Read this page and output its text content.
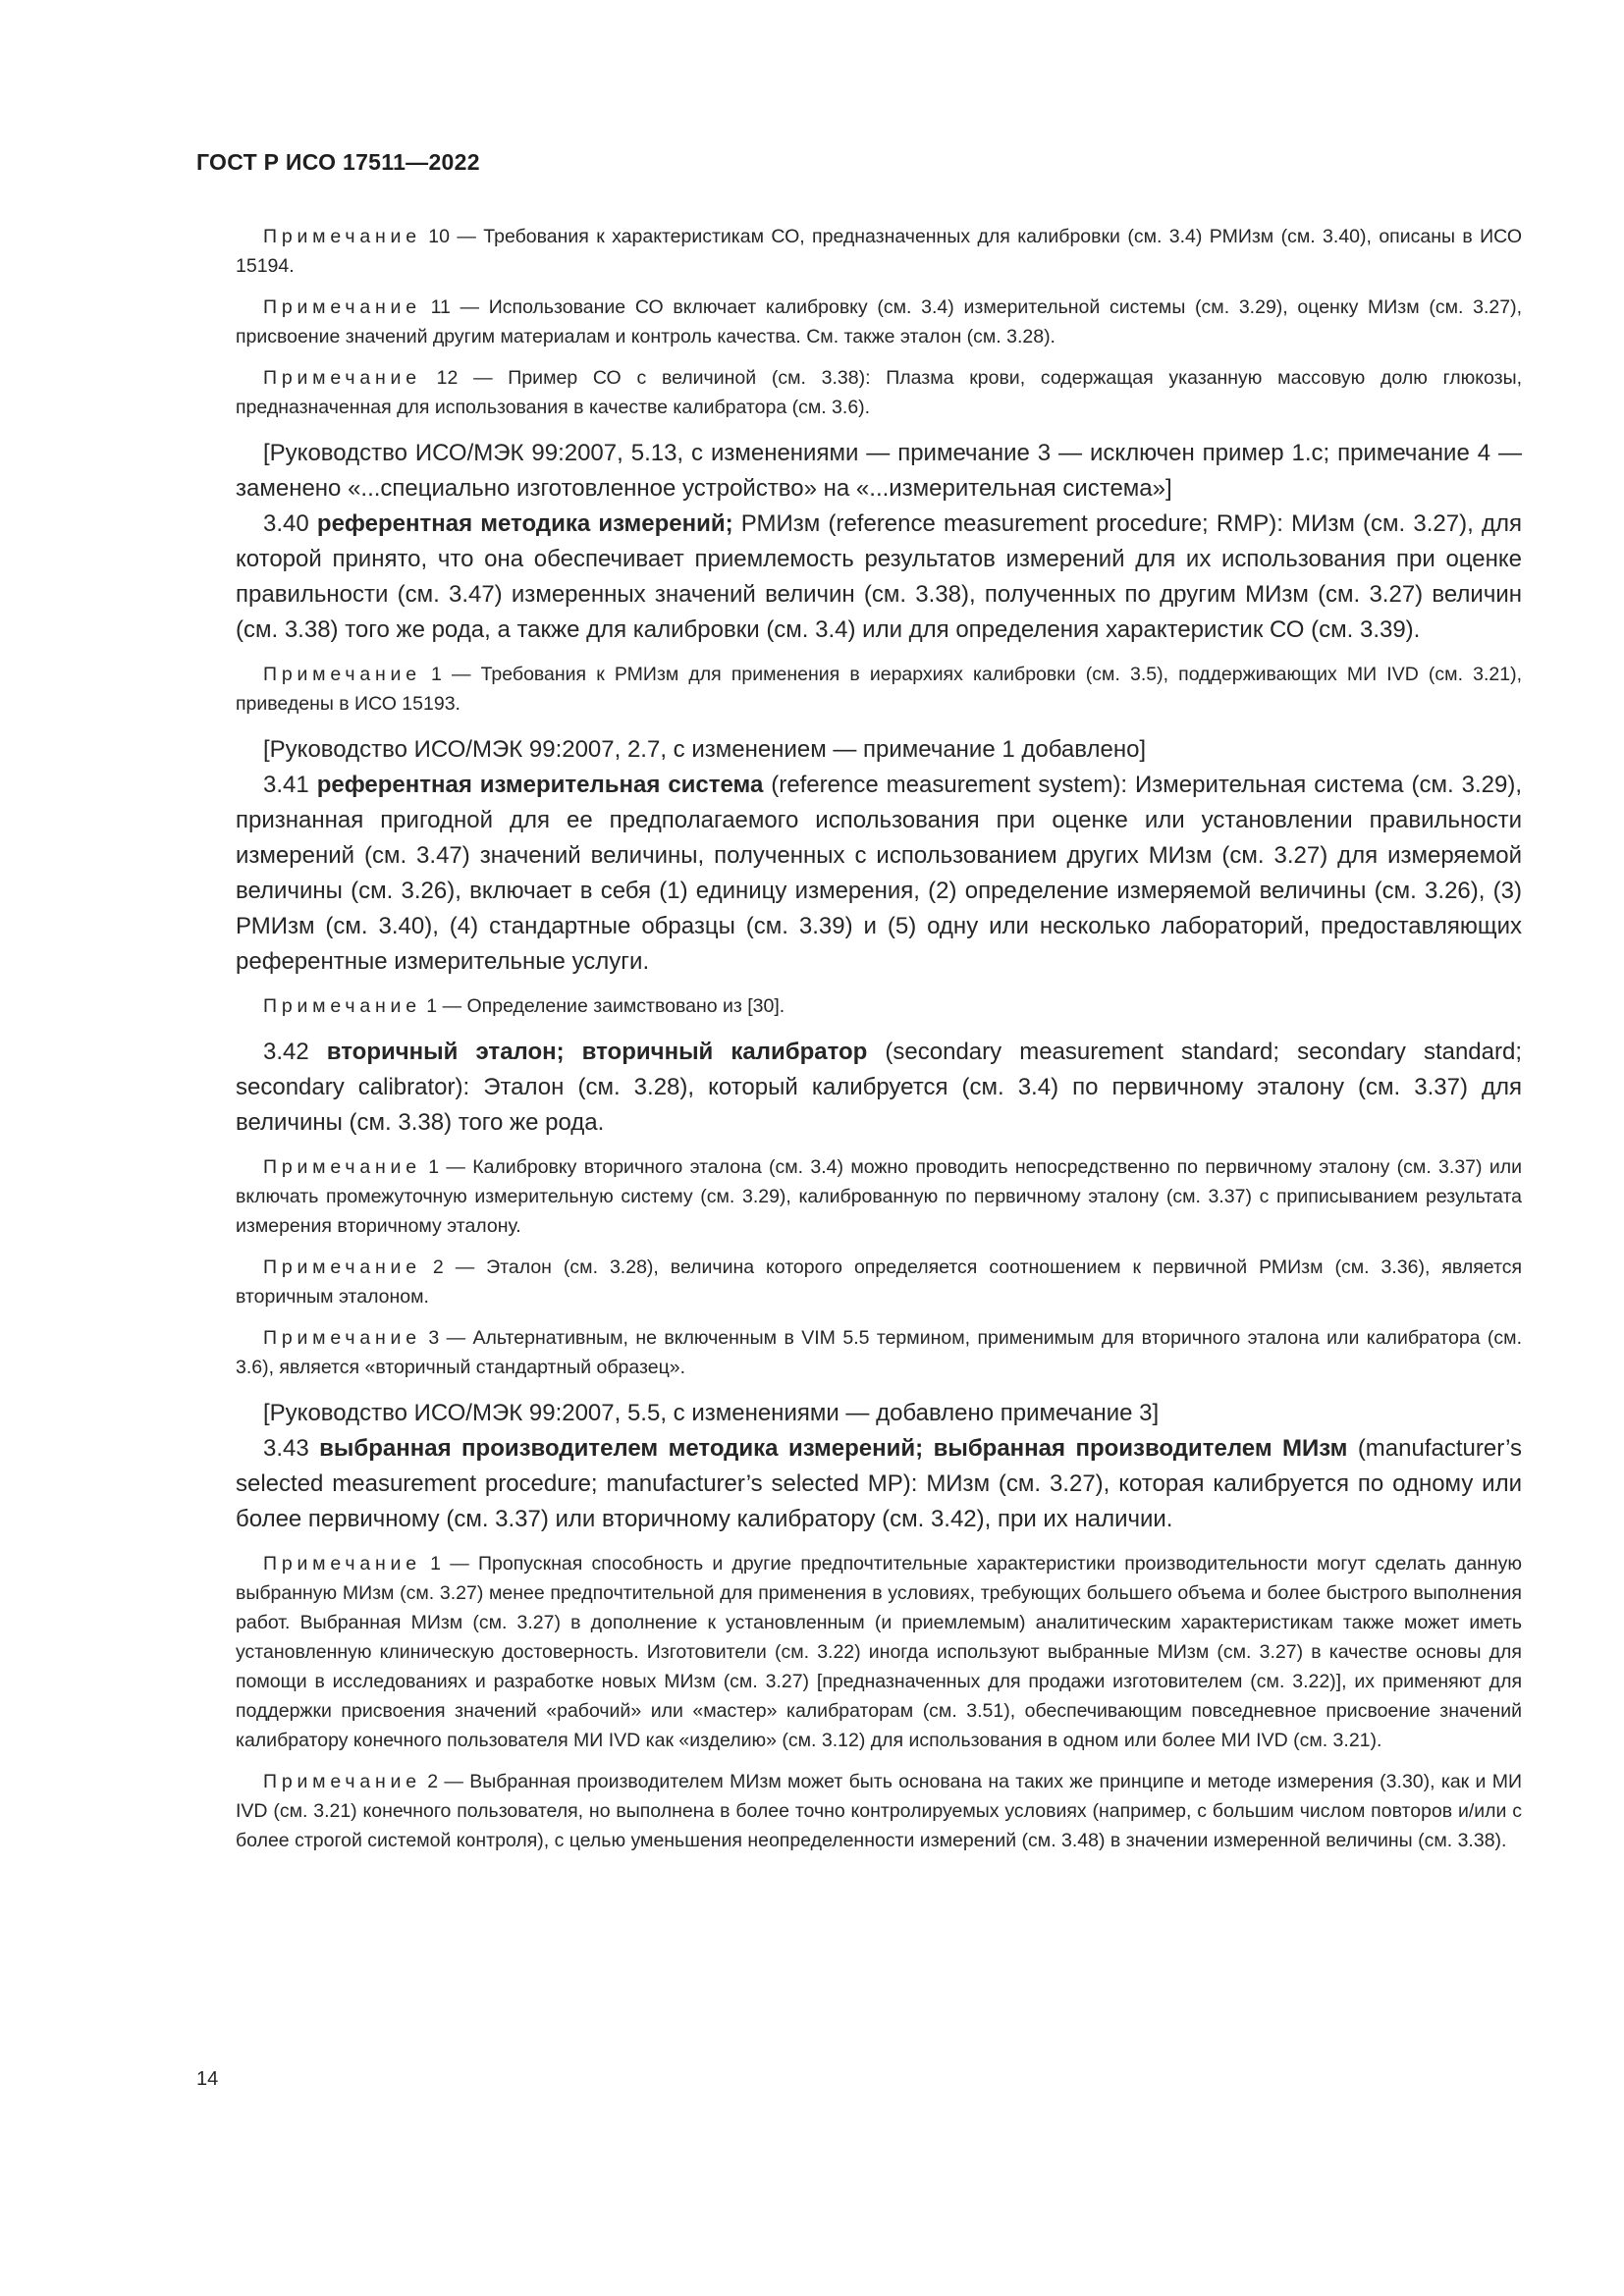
ГОСТ Р ИСО 17511—2022

Примечание 10 — Требования к характеристикам СО, предназначенных для калибровки (см. 3.4) РМИзм (см. 3.40), описаны в ИСО 15194.

Примечание 11 — Использование СО включает калибровку (см. 3.4) измерительной системы (см. 3.29), оценку МИзм (см. 3.27), присвоение значений другим материалам и контроль качества. См. также эталон (см. 3.28).

Примечание 12 — Пример СО с величиной (см. 3.38): Плазма крови, содержащая указанную массовую долю глюкозы, предназначенная для использования в качестве калибратора (см. 3.6).

[Руководство ИСО/МЭК 99:2007, 5.13, с изменениями — примечание 3 — исключен пример 1.c; примечание 4 — заменено «...специально изготовленное устройство» на «...измерительная система»]

3.40 референтная методика измерений; РМИзм (reference measurement procedure; RMP): МИзм (см. 3.27), для которой принято, что она обеспечивает приемлемость результатов измерений для их использования при оценке правильности (см. 3.47) измеренных значений величин (см. 3.38), полученных по другим МИзм (см. 3.27) величин (см. 3.38) того же рода, а также для калибровки (см. 3.4) или для определения характеристик СО (см. 3.39).

Примечание 1 — Требования к РМИзм для применения в иерархиях калибровки (см. 3.5), поддерживающих МИ IVD (см. 3.21), приведены в ИСО 15193.

[Руководство ИСО/МЭК 99:2007, 2.7, с изменением — примечание 1 добавлено]

3.41 референтная измерительная система (reference measurement system): Измерительная система (см. 3.29), признанная пригодной для ее предполагаемого использования при оценке или установлении правильности измерений (см. 3.47) значений величины, полученных с использованием других МИзм (см. 3.27) для измеряемой величины (см. 3.26), включает в себя (1) единицу измерения, (2) определение измеряемой величины (см. 3.26), (3) РМИзм (см. 3.40), (4) стандартные образцы (см. 3.39) и (5) одну или несколько лабораторий, предоставляющих референтные измерительные услуги.

Примечание 1 — Определение заимствовано из [30].

3.42 вторичный эталон; вторичный калибратор (secondary measurement standard; secondary standard; secondary calibrator): Эталон (см. 3.28), который калибруется (см. 3.4) по первичному эталону (см. 3.37) для величины (см. 3.38) того же рода.

Примечание 1 — Калибровку вторичного эталона (см. 3.4) можно проводить непосредственно по первичному эталону (см. 3.37) или включать промежуточную измерительную систему (см. 3.29), калиброванную по первичному эталону (см. 3.37) с приписыванием результата измерения вторичному эталону.

Примечание 2 — Эталон (см. 3.28), величина которого определяется соотношением к первичной РМИзм (см. 3.36), является вторичным эталоном.

Примечание 3 — Альтернативным, не включенным в VIM 5.5 термином, применимым для вторичного эталона или калибратора (см. 3.6), является «вторичный стандартный образец».

[Руководство ИСО/МЭК 99:2007, 5.5, с изменениями — добавлено примечание 3]

3.43 выбранная производителем методика измерений; выбранная производителем МИзм (manufacturer’s selected measurement procedure; manufacturer’s selected MP): МИзм (см. 3.27), которая калибруется по одному или более первичному (см. 3.37) или вторичному калибратору (см. 3.42), при их наличии.

Примечание 1 — Пропускная способность и другие предпочтительные характеристики производительности могут сделать данную выбранную МИзм (см. 3.27) менее предпочтительной для применения в условиях, требующих большего объема и более быстрого выполнения работ. Выбранная МИзм (см. 3.27) в дополнение к установленным (и приемлемым) аналитическим характеристикам также может иметь установленную клиническую достоверность. Изготовители (см. 3.22) иногда используют выбранные МИзм (см. 3.27) в качестве основы для помощи в исследованиях и разработке новых МИзм (см. 3.27) [предназначенных для продажи изготовителем (см. 3.22)], их применяют для поддержки присвоения значений «рабочий» или «мастер» калибраторам (см. 3.51), обеспечивающим повседневное присвоение значений калибратору конечного пользователя МИ IVD как «изделию» (см. 3.12) для использования в одном или более МИ IVD (см. 3.21).

Примечание 2 — Выбранная производителем МИзм может быть основана на таких же принципе и методе измерения (3.30), как и МИ IVD (см. 3.21) конечного пользователя, но выполнена в более точно контролируемых условиях (например, с большим числом повторов и/или с более строгой системой контроля), с целью уменьшения неопределенности измерений (см. 3.48) в значении измеренной величины (см. 3.38).

14
